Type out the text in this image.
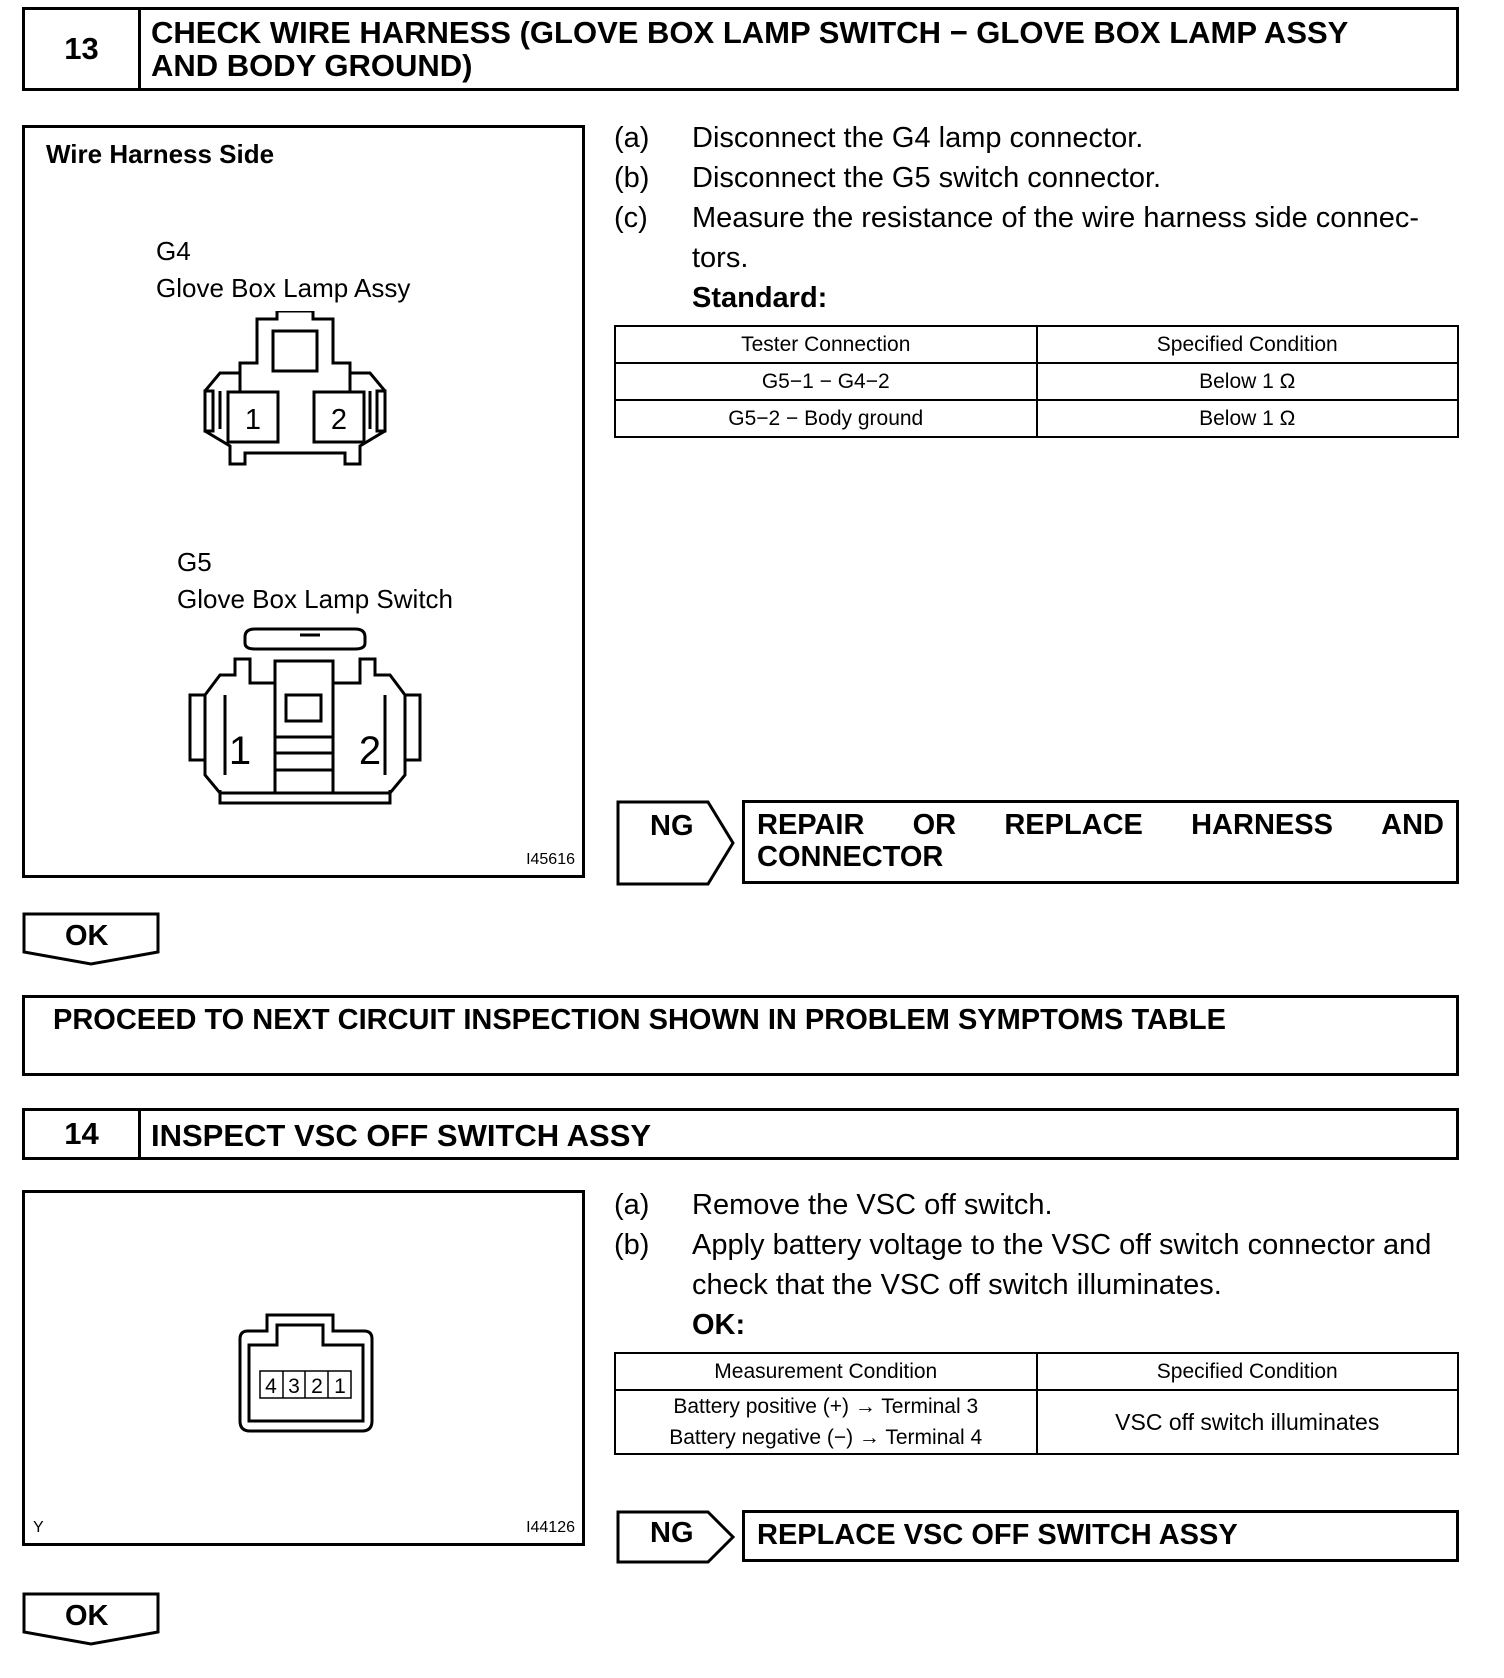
13	CHECK WIRE HARNESS (GLOVE BOX LAMP SWITCH − GLOVE BOX LAMP ASSY
AND BODY GROUND)
Wire Harness Side
G4
Glove Box Lamp Assy
G5
Glove Box Lamp Switch
1 2
1	2
I45616
(a) Disconnect the G4 lamp connector.
(b) Disconnect the G5 switch connector.
(c) Measure the resistance of the wire harness side connec-
tors.
Standard:
Tester Connection	Specified Condition
G5−1 − G4−2	Below 1 Ω
G5−2 − Body ground	Below 1 Ω
NG REPAIR OR REPLACE HARNESS AND
CONNECTOR
OK
PROCEED TO NEXT CIRCUIT INSPECTION SHOWN IN PROBLEM SYMPTOMS TABLE
14	INSPECT VSC OFF SWITCH ASSY
4 3 2 1
Y	I44126
(a) Remove the VSC off switch.
(b) Apply battery voltage to the VSC off switch connector and
check that the VSC off switch illuminates.
OK:
Measurement Condition	Specified Condition

Battery positive (+) → Terminal 3
Battery negative (−) → Terminal 4	VSC off switch illuminates
NG	REPLACE VSC OFF SWITCH ASSY
OK
